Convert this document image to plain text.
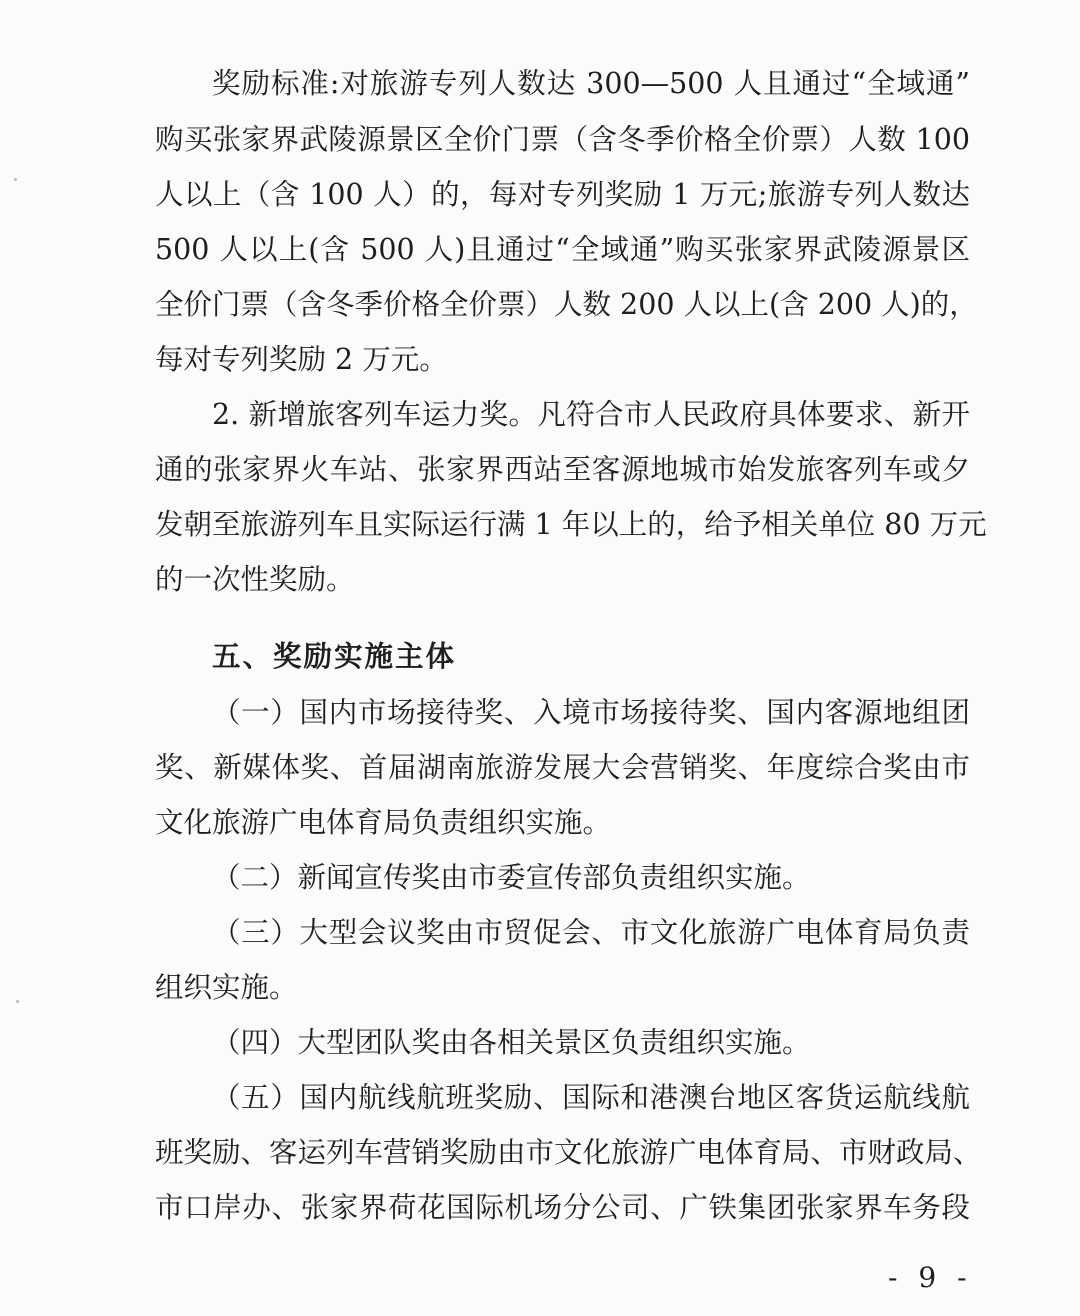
奖励标准:对旅游专列人数达 300—500 人且通过“全域通”
购买张家界武陵源景区全价门票（含冬季价格全价票）人数 100
人以上（含 100 人）的，每对专列奖励 1 万元;旅游专列人数达
500 人以上(含 500 人)且通过“全域通”购买张家界武陵源景区
全价门票（含冬季价格全价票）人数 200 人以上(含 200 人)的，
每对专列奖励 2 万元。
2. 新增旅客列车运力奖。凡符合市人民政府具体要求、新开
通的张家界火车站、张家界西站至客源地城市始发旅客列车或夕
发朝至旅游列车且实际运行满 1 年以上的，给予相关单位 80 万元
的一次性奖励。
五、奖励实施主体
（一）国内市场接待奖、入境市场接待奖、国内客源地组团
奖、新媒体奖、首届湖南旅游发展大会营销奖、年度综合奖由市
文化旅游广电体育局负责组织实施。
（二）新闻宣传奖由市委宣传部负责组织实施。
（三）大型会议奖由市贸促会、市文化旅游广电体育局负责
组织实施。
（四）大型团队奖由各相关景区负责组织实施。
（五）国内航线航班奖励、国际和港澳台地区客货运航线航
班奖励、客运列车营销奖励由市文化旅游广电体育局、市财政局、
市口岸办、张家界荷花国际机场分公司、广铁集团张家界车务段
- 9 -
